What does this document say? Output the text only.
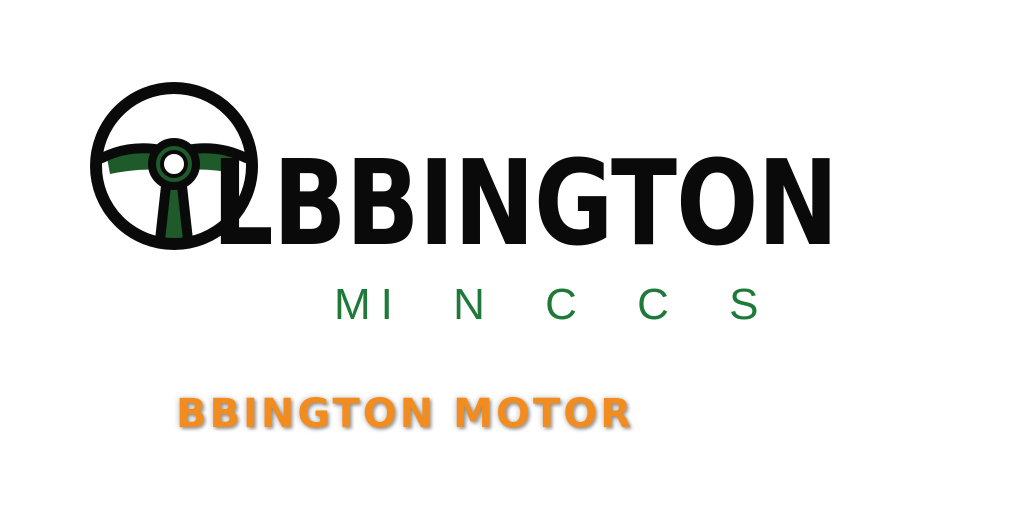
LBBINGTON

MI N C C S

BBINGTON MOTOR
